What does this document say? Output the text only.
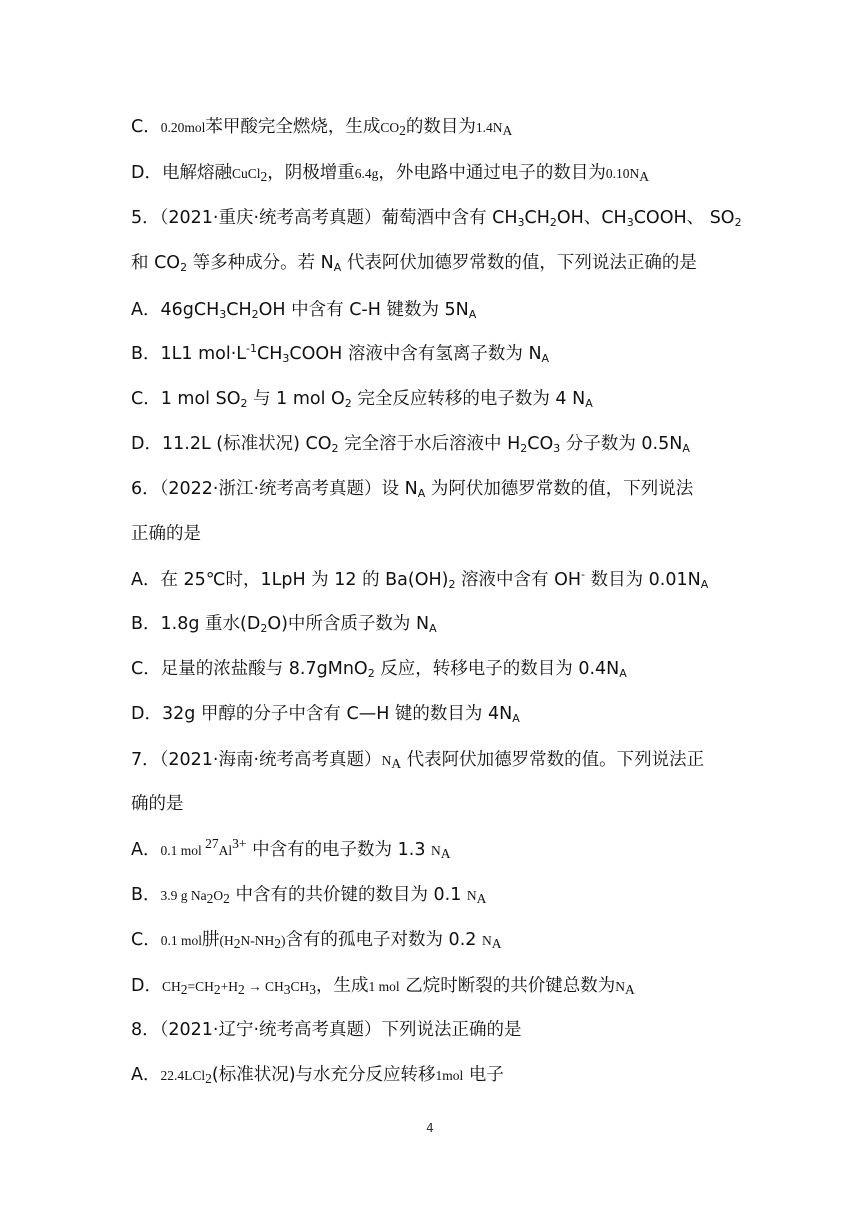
C．0.20mol苯甲酸完全燃烧，生成$CO_2$的数目为$1.4N_A$
D．电解熔融CuCl$_2$，阴极增重6.4g，外电路中通过电子的数目为$0.10N_A$
5．（2021·重庆·统考高考真题）葡萄酒中含有 $CH_3CH_2OH$、$CH_3COOH$、 $SO_2$
和 $CO_2$ 等多种成分。若 $N_A$ 代表阿伏加德罗常数的值，下列说法正确的是
A．$46gCH_3CH_2OH$ 中含有 C-H 键数为 $5N_A$
B．1L1 $mol\cdot L^{-1}CH_3COOH$ 溶液中含有氢离子数为 $N_A$
C．1 mol $SO_2$ 与 1 mol $O_2$ 完全反应转移的电子数为 4 $N_A$
D．11.2L (标准状况) $CO_2$ 完全溶于水后溶液中 $H_2CO_3$ 分子数为 $0.5N_A$
6．（2022·浙江·统考高考真题）设 $N_A$ 为阿伏加德罗常数的值，下列说法
正确的是
A．在 25℃时，1LpH 为 12 的 $Ba(OH)_2$ 溶液中含有 OH- 数目为 $0.01N_A$
B．1.8g 重水$(D_2O)$中所含质子数为 $N_A$
C．足量的浓盐酸与 8.7gMnO$_2$ 反应，转移电子的数目为 $0.4N_A$
D．32g 甲醇的分子中含有 C—H 键的数目为 $4N_A$
7．（2021·海南·统考高考真题）$N_A$ 代表阿伏加德罗常数的值。下列说法正
确的是
A．0.1 mol $^{27}Al^{3+}$ 中含有的电子数为 1.3 $N_A$
B．3.9 g $Na_2O_2$ 中含有的共价键的数目为 0.1 $N_A$
C．0.1 mol肼$(H_2N-NH_2)$含有的孤电子对数为 0.2 $N_A$
D．$CH_2=CH_2+H_2 \to CH_3CH_3$，生成1 mol 乙烷时断裂的共价键总数为$N_A$
8．（2021·辽宁·统考高考真题）下列说法正确的是
A．22.4LCl$_2$(标准状况)与水充分反应转移1mol 电子
4
